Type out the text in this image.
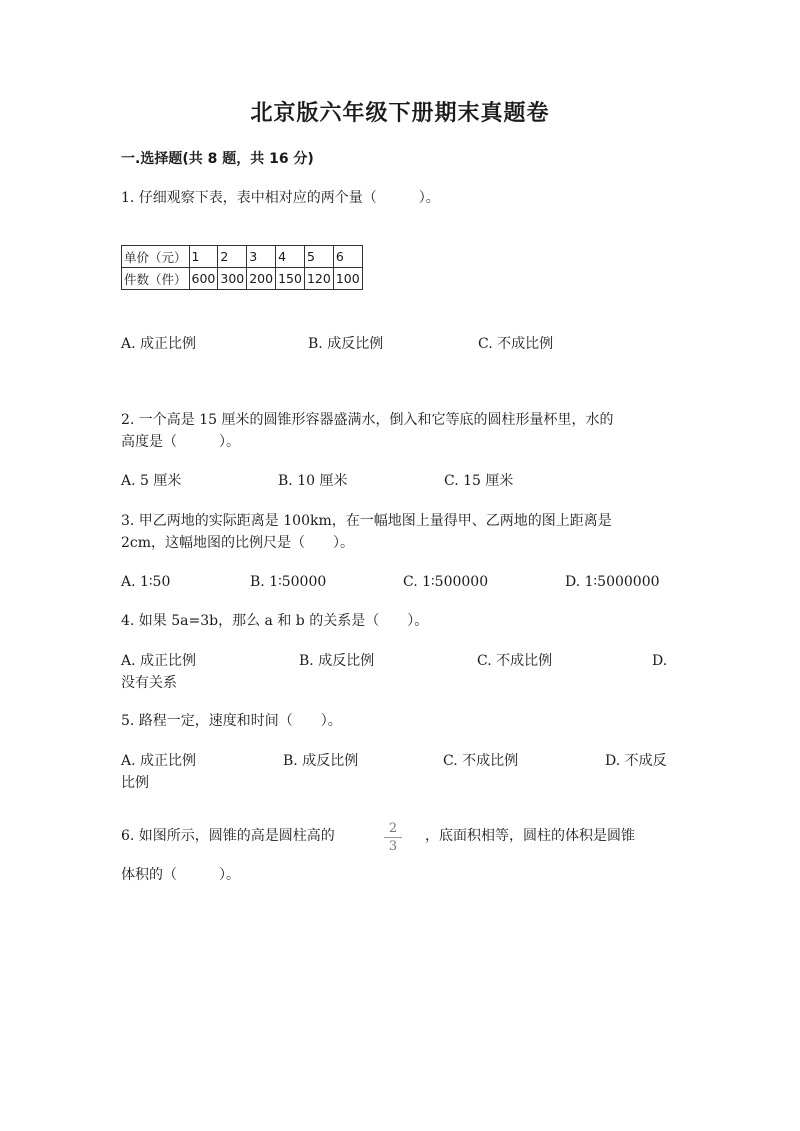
北京版六年级下册期末真题卷
一.选择题(共 8 题，共 16 分)
1. 仔细观察下表，表中相对应的两个量（　　　）。
单价（元）	1	2	3	4	5	6
件数（件）	600	300	200	150	120	100
A. 成正比例	B. 成反比例	C. 不成比例
2. 一个高是 15 厘米的圆锥形容器盛满水，倒入和它等底的圆柱形量杯里，水的
高度是（　　　）。
A. 5 厘米	B. 10 厘米	C. 15 厘米
3. 甲乙两地的实际距离是 100km，在一幅地图上量得甲、乙两地的图上距离是
2cm，这幅地图的比例尺是（　　）。
A. 1∶50	B. 1∶50000	C. 1∶500000	D. 1∶5000000
4. 如果 5a=3b，那么 a 和 b 的关系是（　　）。
A. 成正比例	B. 成反比例	C. 不成比例	D.
没有关系
5. 路程一定，速度和时间（　　）。
A. 成正比例	B. 成反比例	C. 不成比例	D. 不成反
比例
6. 如图所示，圆锥的高是圆柱高的	2
3
，底面积相等，圆柱的体积是圆锥
体积的（　　　）。
